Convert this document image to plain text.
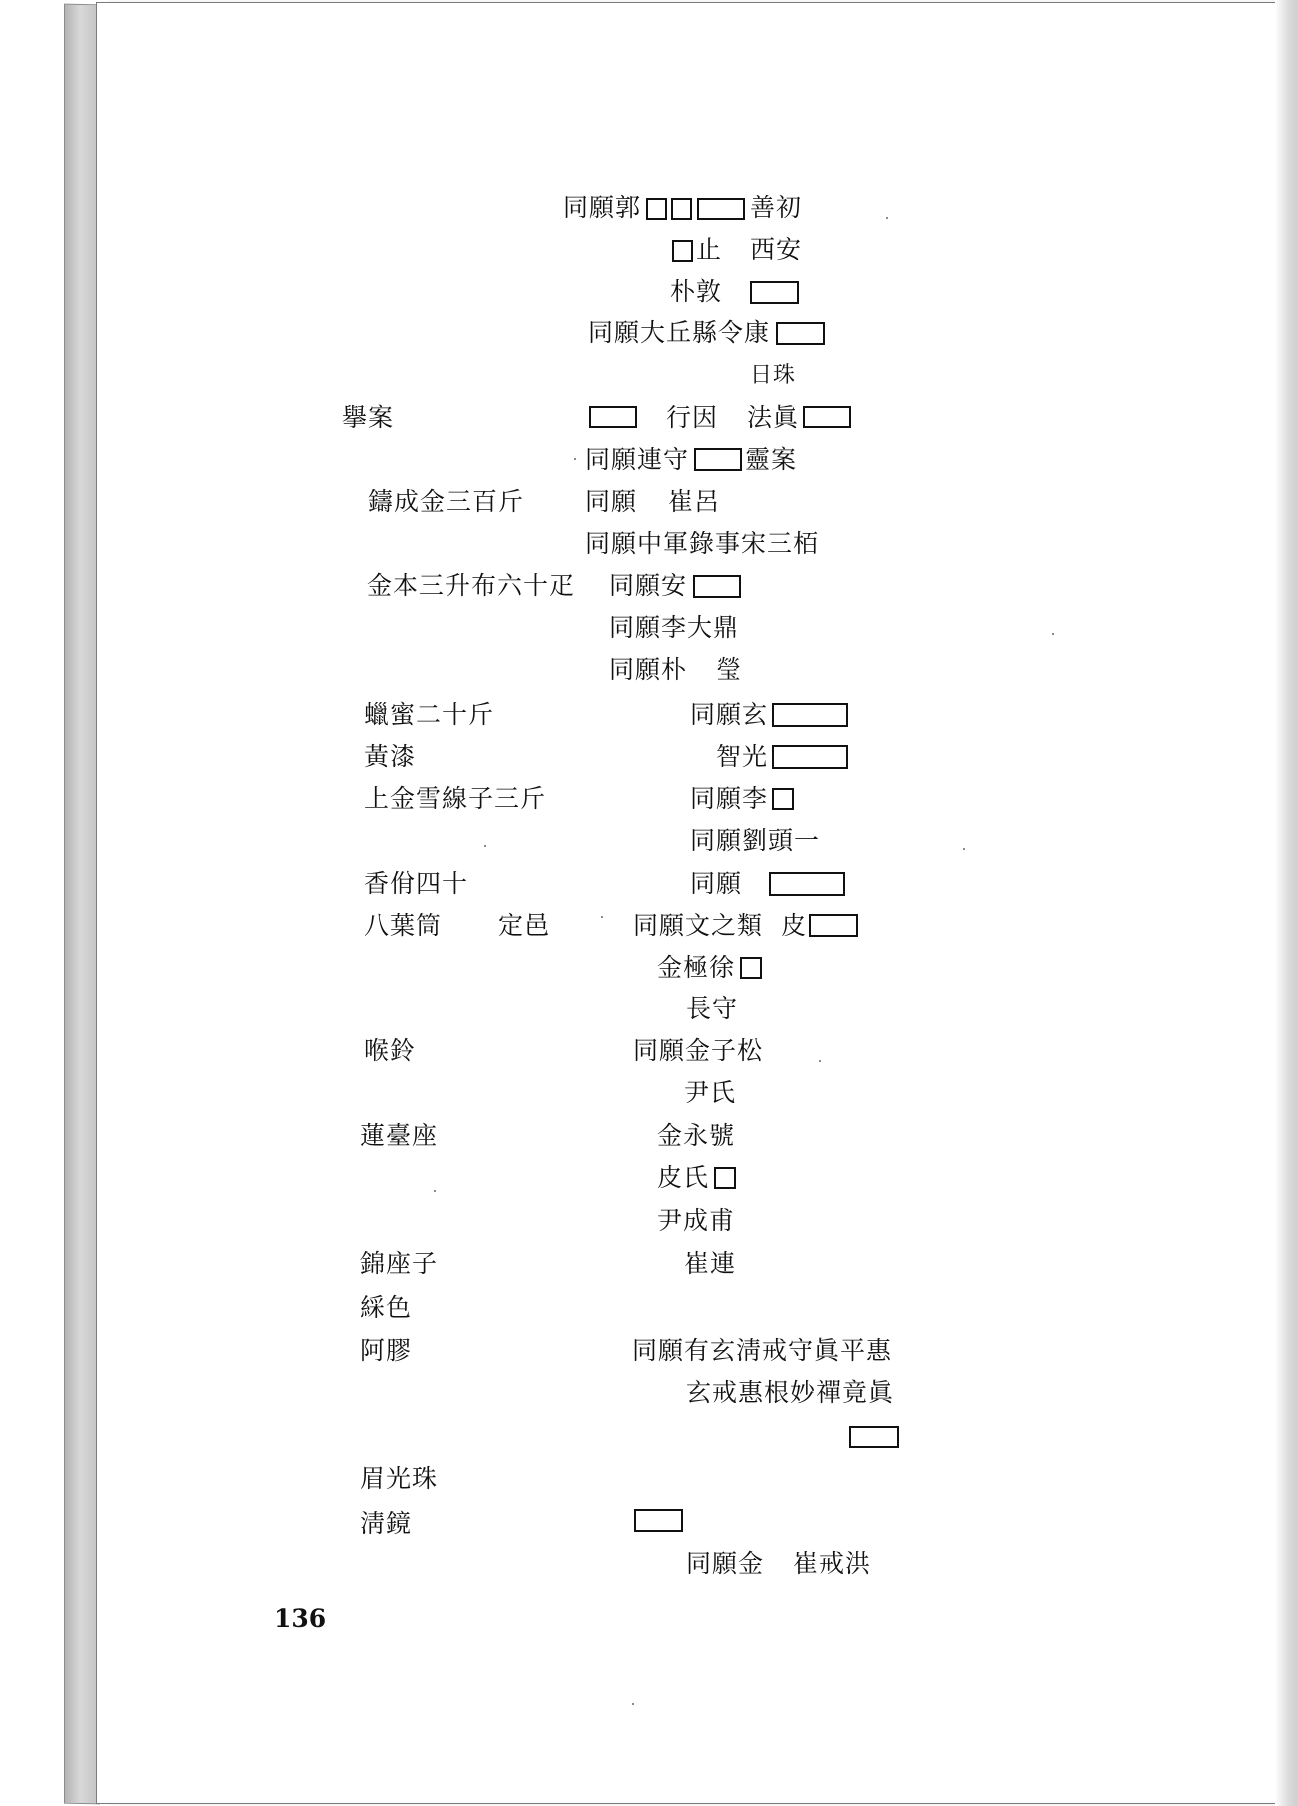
同願郭	善初
止 西安
朴敦
同願大丘縣令康
日珠
擧案	行因 法眞
同願連守 靈案
鑄成金三百斤 同願 崔呂
同願中軍錄事宋三栢
金本三升布六十疋 同願安
同願李大鼎
同願朴 瑩
蠟蜜二十斤	同願玄
黃漆	智光
上金雪線子三斤	同願李
同願劉頭一
香佾四十	同願
八葉筒 定邑	同願文之類 皮
金極徐
長守
喉鈴	同願金子松
尹氏
蓮臺座	金永號
皮氏
尹成甫
錦座子	崔連
綵色
阿膠	同願有玄淸戒守眞平惠
玄戒惠根妙禪竟眞
眉光珠
淸鏡
同願金 崔戒洪
136
